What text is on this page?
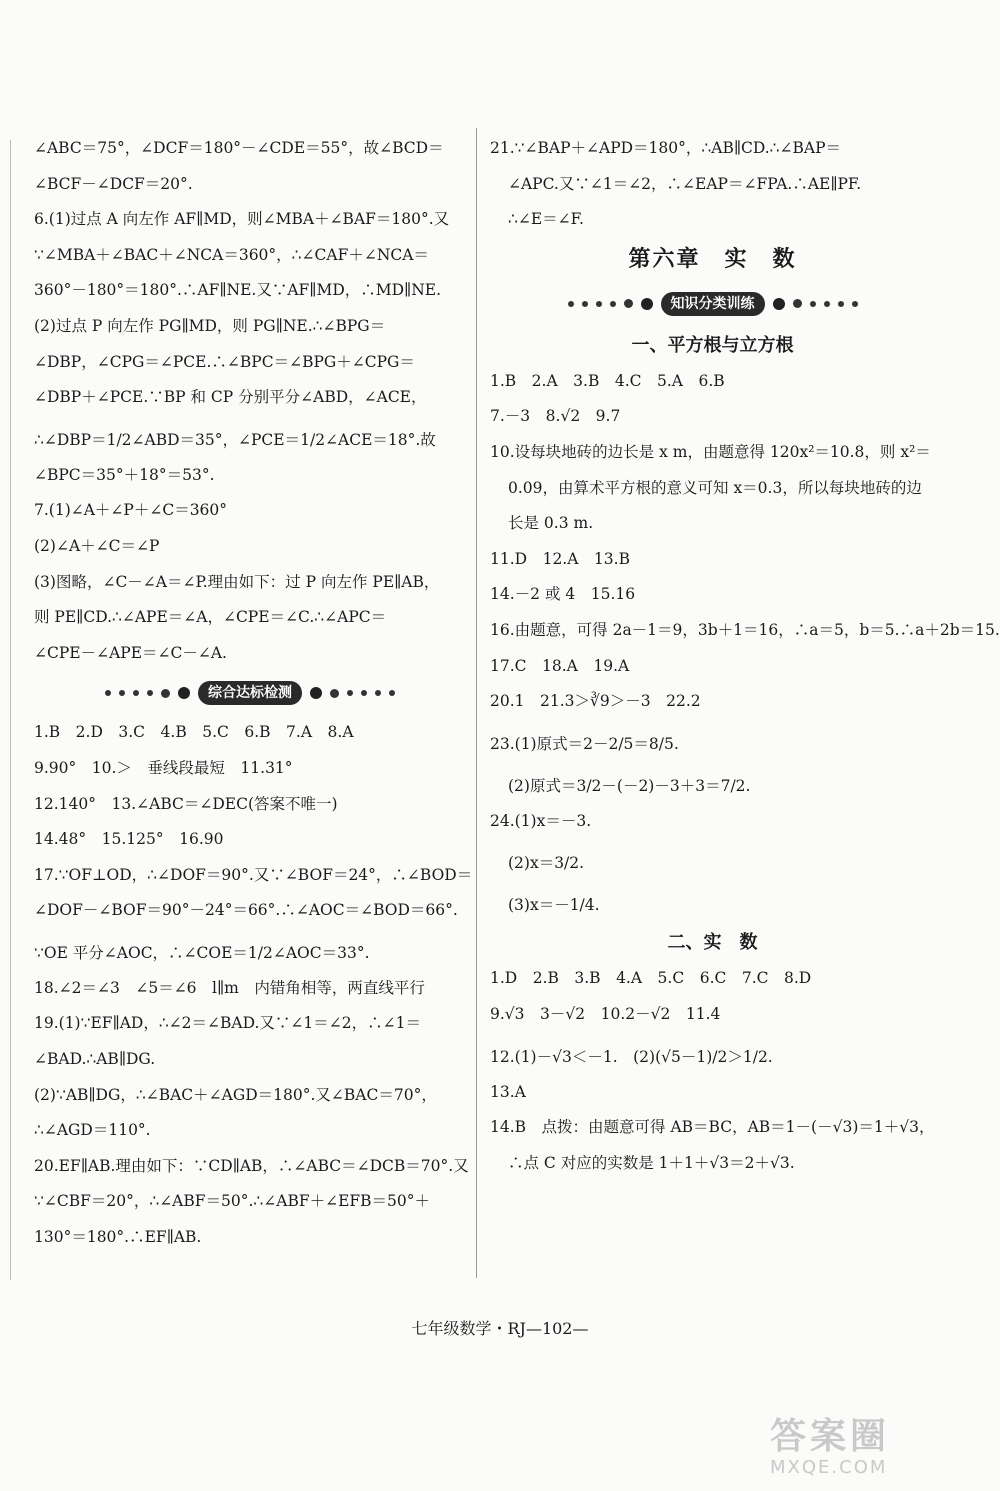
∠ABC＝75°，∠DCF＝180°－∠CDE＝55°，故∠BCD＝
∠BCF－∠DCF＝20°.
6.(1)过点 A 向左作 AF∥MD，则∠MBA＋∠BAF＝180°.又
∵∠MBA＋∠BAC＋∠NCA＝360°，∴∠CAF＋∠NCA＝
360°－180°＝180°.∴AF∥NE.又∵AF∥MD，∴MD∥NE.
(2)过点 P 向左作 PG∥MD，则 PG∥NE.∴∠BPG＝
∠DBP，∠CPG＝∠PCE.∴∠BPC＝∠BPG＋∠CPG＝
∠DBP＋∠PCE.∵BP 和 CP 分别平分∠ABD，∠ACE，
∴∠DBP＝1/2∠ABD＝35°，∠PCE＝1/2∠ACE＝18°.故
∠BPC＝35°＋18°＝53°.
7.(1)∠A＋∠P＋∠C＝360°
(2)∠A＋∠C＝∠P
(3)图略，∠C－∠A＝∠P.理由如下：过 P 向左作 PE∥AB，
则 PE∥CD.∴∠APE＝∠A，∠CPE＝∠C.∴∠APC＝
∠CPE－∠APE＝∠C－∠A.
综合达标检测
1.B　2.D　3.C　4.B　5.C　6.B　7.A　8.A
9.90°　10.＞　垂线段最短　11.31°
12.140°　13.∠ABC＝∠DEC(答案不唯一)
14.48°　15.125°　16.90
17.∵OF⊥OD，∴∠DOF＝90°.又∵∠BOF＝24°，∴∠BOD＝
∠DOF－∠BOF＝90°－24°＝66°.∴∠AOC＝∠BOD＝66°.
∵OE 平分∠AOC，∴∠COE＝1/2∠AOC＝33°.
18.∠2＝∠3　∠5＝∠6　l∥m　内错角相等，两直线平行
19.(1)∵EF∥AD，∴∠2＝∠BAD.又∵∠1＝∠2，∴∠1＝
∠BAD.∴AB∥DG.
(2)∵AB∥DG，∴∠BAC＋∠AGD＝180°.又∠BAC＝70°，
∴∠AGD＝110°.
20.EF∥AB.理由如下：∵CD∥AB，∴∠ABC＝∠DCB＝70°.又
∵∠CBF＝20°，∴∠ABF＝50°.∴∠ABF＋∠EFB＝50°＋
130°＝180°.∴EF∥AB.
21.∵∠BAP＋∠APD＝180°，∴AB∥CD.∴∠BAP＝
∠APC.又∵∠1＝∠2，∴∠EAP＝∠FPA.∴AE∥PF.
∴∠E＝∠F.
第六章　实　数
知识分类训练
一、平方根与立方根
1.B　2.A　3.B　4.C　5.A　6.B
7.－3　8.√2　9.7
10.设每块地砖的边长是 x m，由题意得 120x²＝10.8，则 x²＝
0.09，由算术平方根的意义可知 x＝0.3，所以每块地砖的边
长是 0.3 m.
11.D　12.A　13.B
14.－2 或 4　15.16
16.由题意，可得 2a－1＝9，3b＋1＝16，∴a＝5，b＝5.∴a＋2b＝15.
17.C　18.A　19.A
20.1　21.3＞∛9＞－3　22.2
23.(1)原式＝2－2/5＝8/5.
(2)原式＝3/2－(－2)－3＋3＝7/2.
24.(1)x＝－3.
(2)x＝3/2.
(3)x＝－1/4.
二、实　数
1.D　2.B　3.B　4.A　5.C　6.C　7.C　8.D
9.√3　3－√2　10.2－√2　11.4
12.(1)－√3＜－1.　(2)(√5－1)/2＞1/2.
13.A
14.B　点拨：由题意可得 AB＝BC，AB＝1－(－√3)＝1＋√3，
∴点 C 对应的实数是 1＋1＋√3＝2＋√3.
七年级数学・RJ—102—
答案圈
MXQE.COM
